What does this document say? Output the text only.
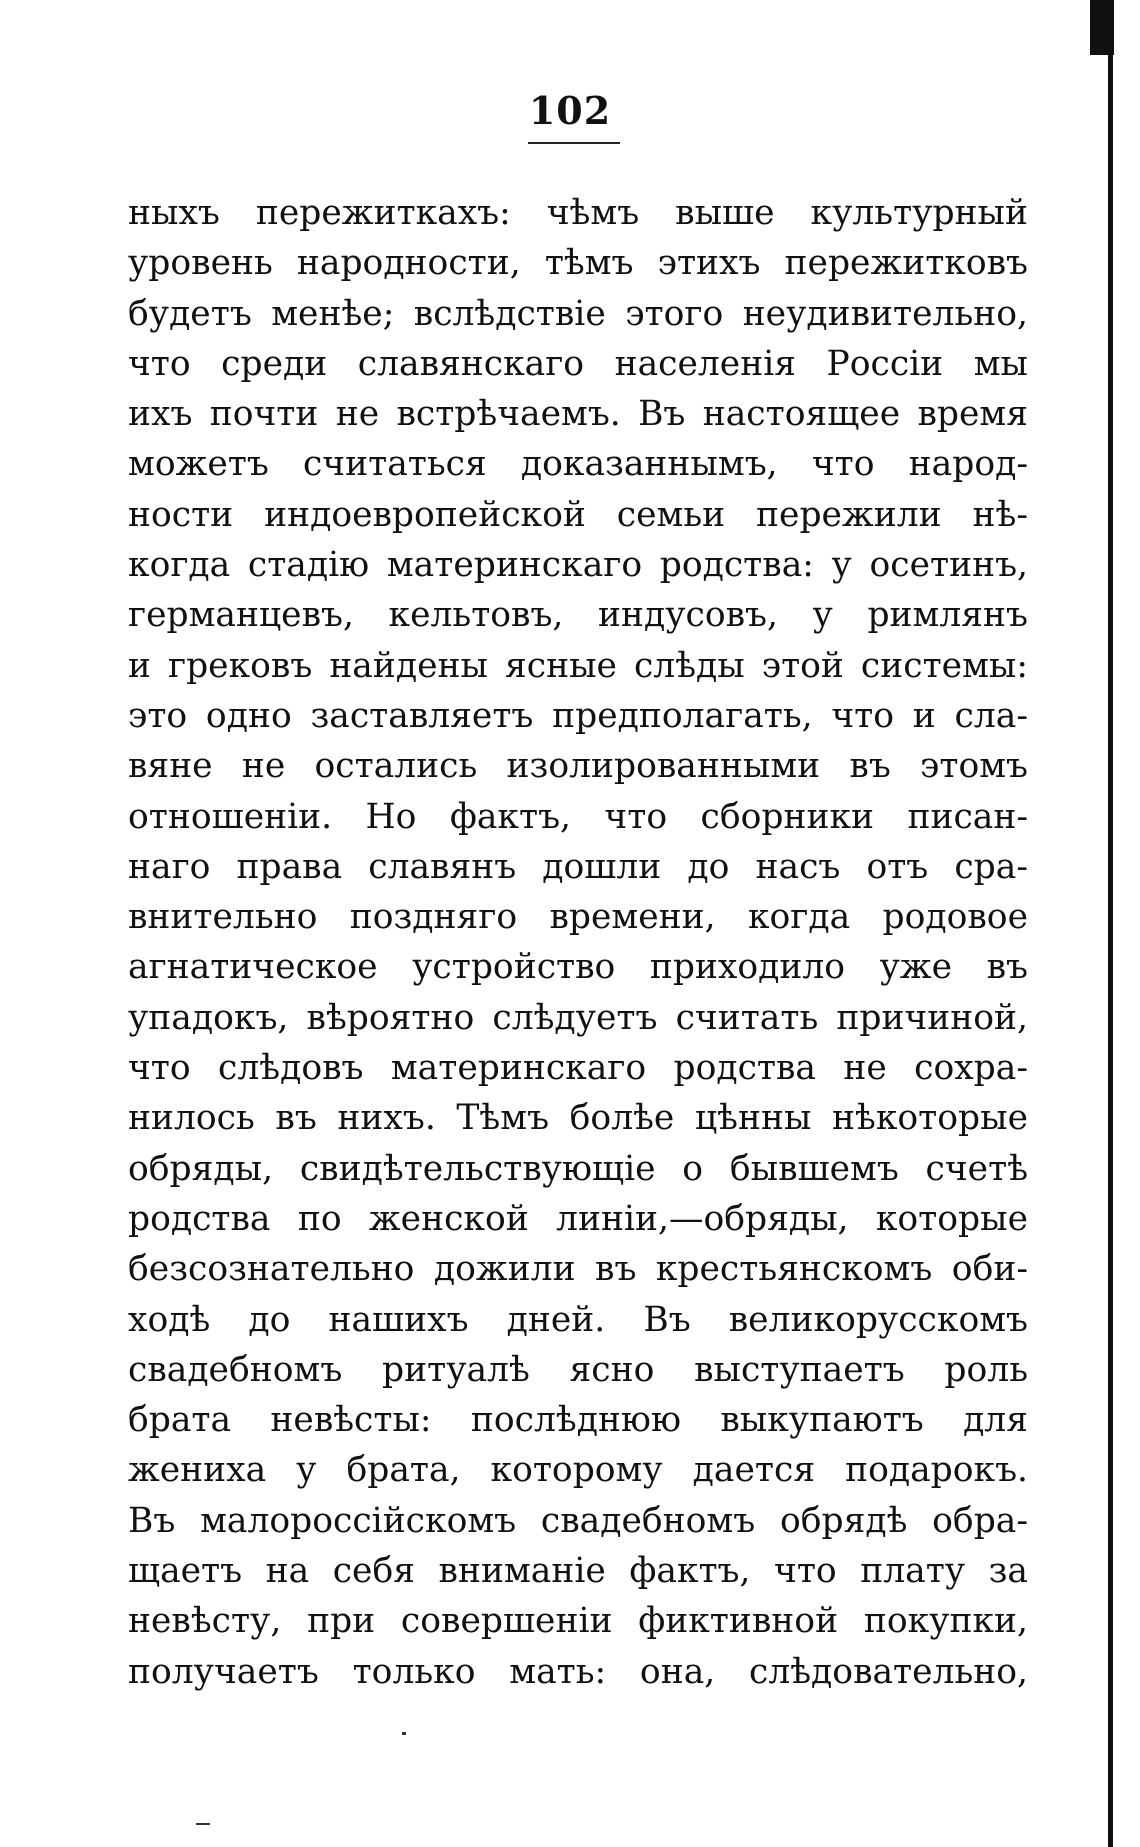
102
ныхъ пережиткахъ: чѣмъ выше культурный
уровень народности, тѣмъ этихъ пережитковъ
будетъ менѣе; вслѣдствіе этого неудивительно,
что среди славянскаго населенія Россіи мы
ихъ почти не встрѣчаемъ. Въ настоящее время
можетъ считаться доказаннымъ, что народ-
ности индоевропейской семьи пережили нѣ-
когда стадію материнскаго родства: у осетинъ,
германцевъ, кельтовъ, индусовъ, у римлянъ
и грековъ найдены ясные слѣды этой системы:
это одно заставляетъ предполагать, что и сла-
вяне не остались изолированными въ этомъ
отношеніи. Но фактъ, что сборники писан-
наго права славянъ дошли до насъ отъ сра-
внительно поздняго времени, когда родовое
агнатическое устройство приходило уже въ
упадокъ, вѣроятно слѣдуетъ считать причиной,
что слѣдовъ материнскаго родства не сохра-
нилось въ нихъ. Тѣмъ болѣе цѣнны нѣкоторые
обряды, свидѣтельствующіе о бывшемъ счетѣ
родства по женской линіи,—обряды, которые
безсознательно дожили въ крестьянскомъ оби-
ходѣ до нашихъ дней. Въ великорусскомъ
свадебномъ ритуалѣ ясно выступаетъ роль
брата невѣсты: послѣднюю выкупаютъ для
жениха у брата, которому дается подарокъ.
Въ малороссійскомъ свадебномъ обрядѣ обра-
щаетъ на себя вниманіе фактъ, что плату за
невѣсту, при совершеніи фиктивной покупки,
получаетъ только мать: она, слѣдовательно,
